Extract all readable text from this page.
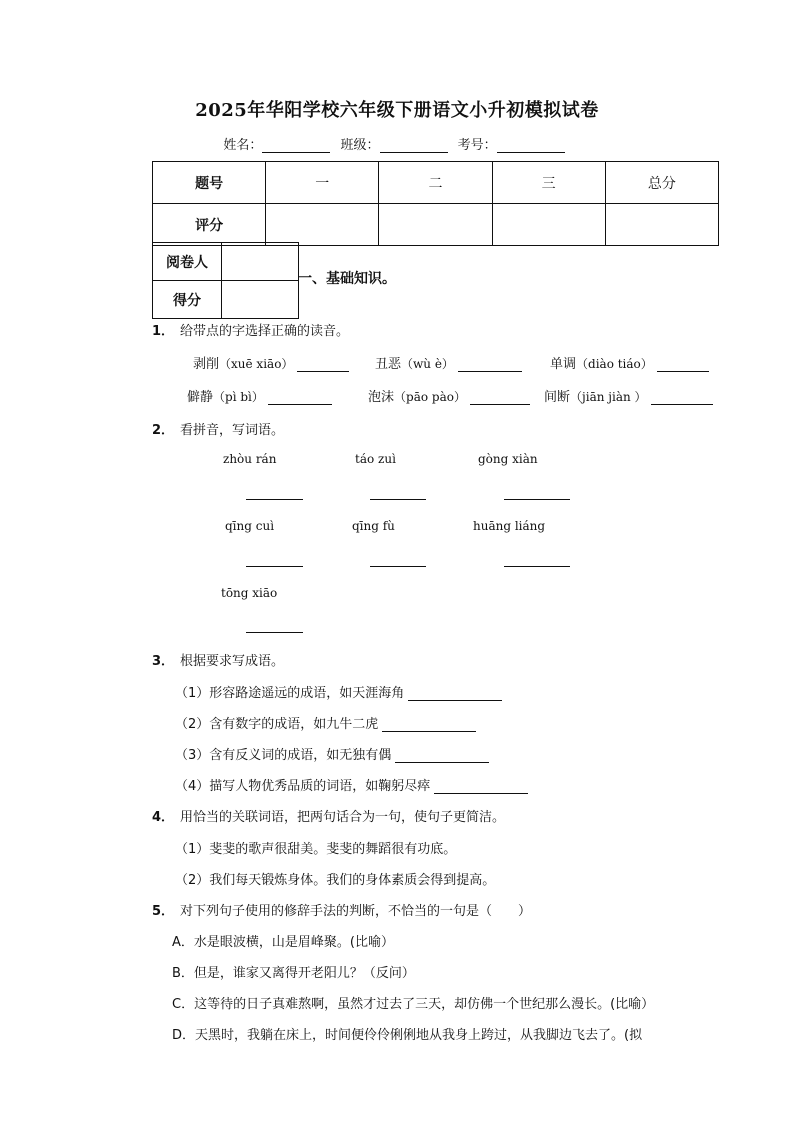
2025年华阳学校六年级下册语文小升初模拟试卷
姓名：	班级：	考号：
题号	一	二	三	总分
评分				
阅卷人	
得分	
一、基础知识。
1． 给带点的字选择正确的读音。
剥削（xuē xiāo）	丑恶（wù è）	单调（diào tiáo）
僻静（pì bì）	泡沫（pāo pào）	间断（jiān jiàn ）
2． 看拼音，写词语。
zhòu rán	táo zuì	gòng xiàn
qīng cuì	qīng fù	huāng liáng
tōng xiāo
3． 根据要求写成语。
（1）形容路途遥远的成语，如天涯海角
（2）含有数字的成语，如九牛二虎
（3）含有反义词的成语，如无独有偶
（4）描写人物优秀品质的词语，如鞠躬尽瘁
4． 用恰当的关联词语，把两句话合为一句，使句子更简洁。
（1）斐斐的歌声很甜美。斐斐的舞蹈很有功底。
（2）我们每天锻炼身体。我们的身体素质会得到提高。
5． 对下列句子使用的修辞手法的判断，不恰当的一句是（　　）
A．水是眼波横，山是眉峰聚。(比喻）
B．但是，谁家又离得开老阳儿？（反问）
C．这等待的日子真难熬啊，虽然才过去了三天，却仿佛一个世纪那么漫长。(比喻）
D．天黑时，我躺在床上，时间便伶伶俐俐地从我身上跨过，从我脚边飞去了。(拟
